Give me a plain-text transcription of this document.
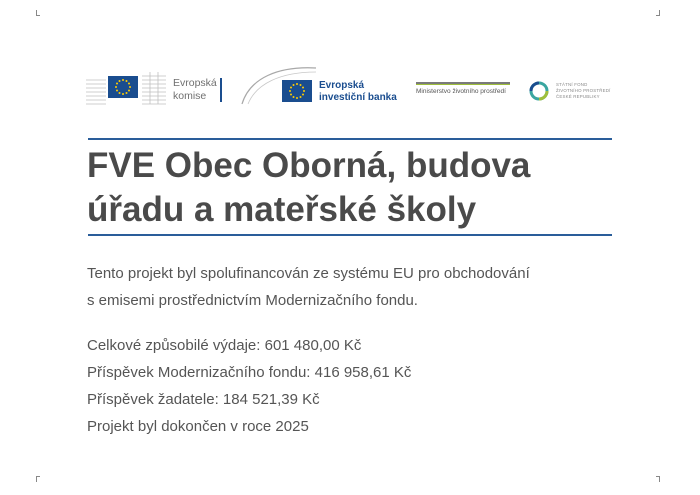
Evropská
komise
Evropská
investiční banka
Ministerstvo životního prostředí
STÁTNÍ FOND
ŽIVOTNÍHO PROSTŘEDÍ
ČESKÉ REPUBLIKY
FVE Obec Oborná, budova
úřadu a mateřské školy
Tento projekt byl spolufinancován ze systému EU pro obchodování
s emisemi prostřednictvím Modernizačního fondu.
Celkové způsobilé výdaje: 601 480,00 Kč
Příspěvek Modernizačního fondu: 416 958,61 Kč
Příspěvek žadatele: 184 521,39 Kč
Projekt byl dokončen v roce 2025
